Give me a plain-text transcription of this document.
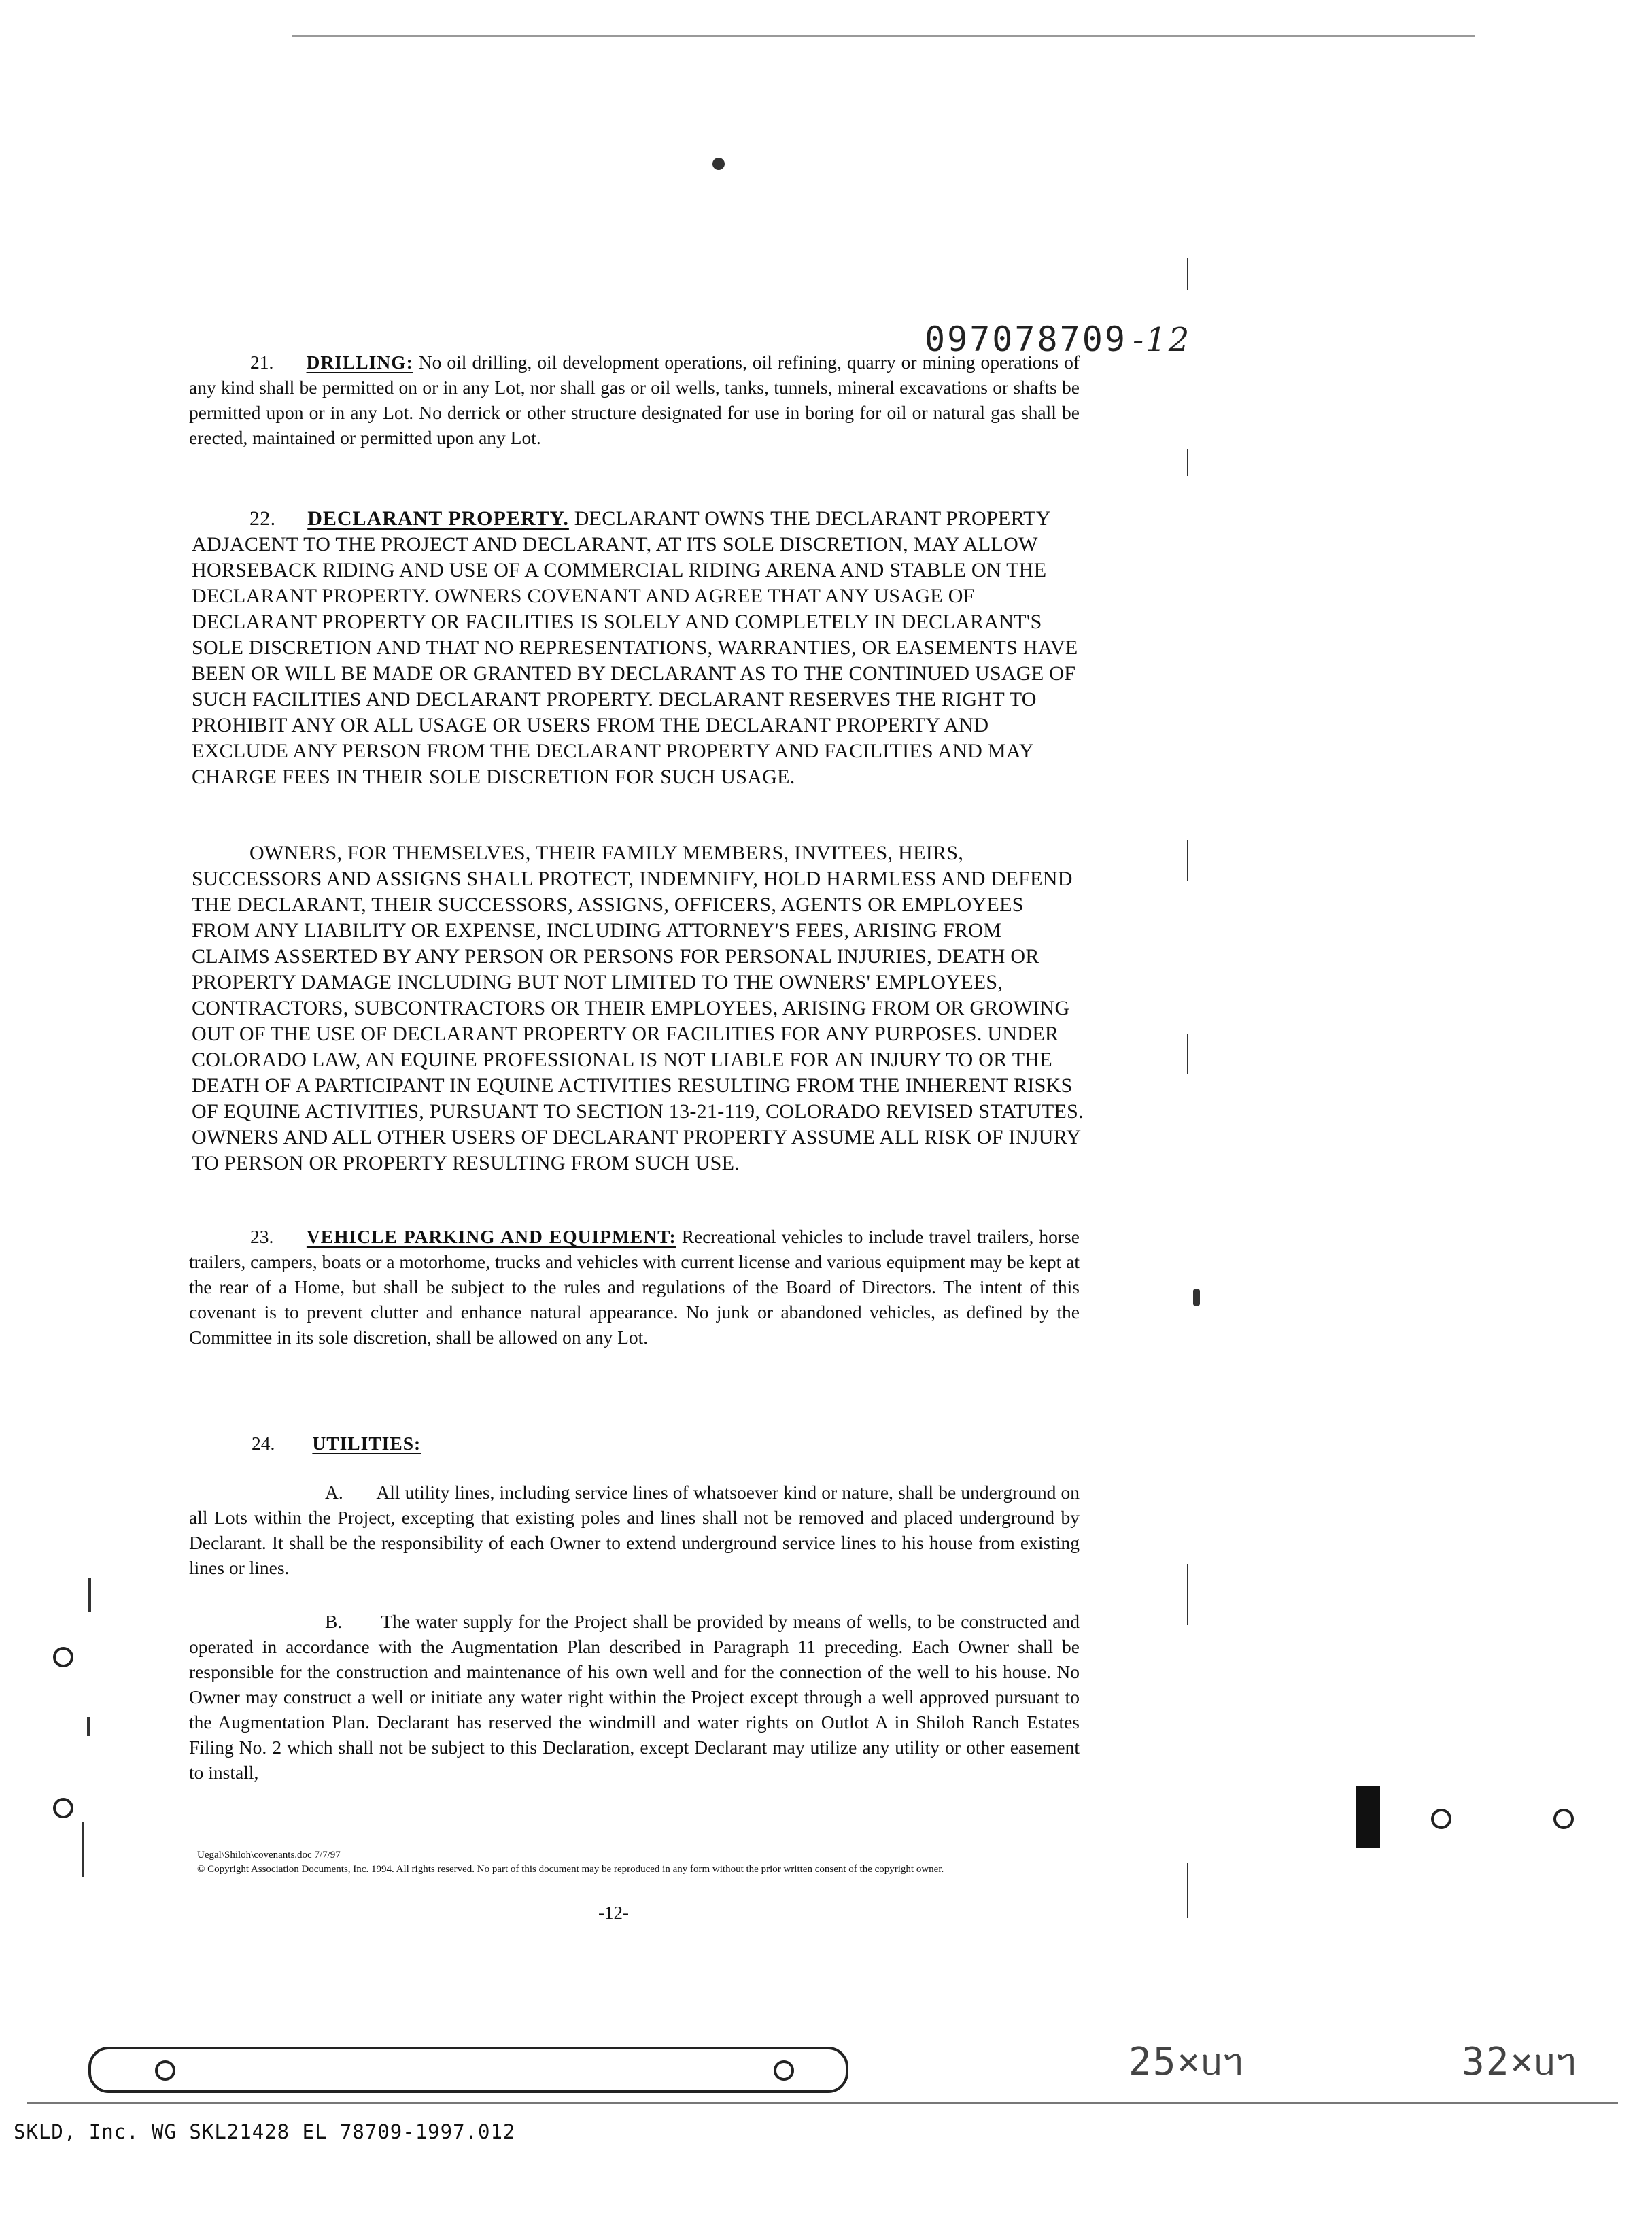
097078709 -12
21. DRILLING: No oil drilling, oil development operations, oil refining, quarry or mining operations of any kind shall be permitted on or in any Lot, nor shall gas or oil wells, tanks, tunnels, mineral excavations or shafts be permitted upon or in any Lot. No derrick or other structure designated for use in boring for oil or natural gas shall be erected, maintained or permitted upon any Lot.
22. DECLARANT PROPERTY. DECLARANT OWNS THE DECLARANT PROPERTY ADJACENT TO THE PROJECT AND DECLARANT, AT ITS SOLE DISCRETION, MAY ALLOW HORSEBACK RIDING AND USE OF A COMMERCIAL RIDING ARENA AND STABLE ON THE DECLARANT PROPERTY. OWNERS COVENANT AND AGREE THAT ANY USAGE OF DECLARANT PROPERTY OR FACILITIES IS SOLELY AND COMPLETELY IN DECLARANT'S SOLE DISCRETION AND THAT NO REPRESENTATIONS, WARRANTIES, OR EASEMENTS HAVE BEEN OR WILL BE MADE OR GRANTED BY DECLARANT AS TO THE CONTINUED USAGE OF SUCH FACILITIES AND DECLARANT PROPERTY. DECLARANT RESERVES THE RIGHT TO PROHIBIT ANY OR ALL USAGE OR USERS FROM THE DECLARANT PROPERTY AND EXCLUDE ANY PERSON FROM THE DECLARANT PROPERTY AND FACILITIES AND MAY CHARGE FEES IN THEIR SOLE DISCRETION FOR SUCH USAGE.
OWNERS, FOR THEMSELVES, THEIR FAMILY MEMBERS, INVITEES, HEIRS, SUCCESSORS AND ASSIGNS SHALL PROTECT, INDEMNIFY, HOLD HARMLESS AND DEFEND THE DECLARANT, THEIR SUCCESSORS, ASSIGNS, OFFICERS, AGENTS OR EMPLOYEES FROM ANY LIABILITY OR EXPENSE, INCLUDING ATTORNEY'S FEES, ARISING FROM CLAIMS ASSERTED BY ANY PERSON OR PERSONS FOR PERSONAL INJURIES, DEATH OR PROPERTY DAMAGE INCLUDING BUT NOT LIMITED TO THE OWNERS' EMPLOYEES, CONTRACTORS, SUBCONTRACTORS OR THEIR EMPLOYEES, ARISING FROM OR GROWING OUT OF THE USE OF DECLARANT PROPERTY OR FACILITIES FOR ANY PURPOSES. UNDER COLORADO LAW, AN EQUINE PROFESSIONAL IS NOT LIABLE FOR AN INJURY TO OR THE DEATH OF A PARTICIPANT IN EQUINE ACTIVITIES RESULTING FROM THE INHERENT RISKS OF EQUINE ACTIVITIES, PURSUANT TO SECTION 13-21-119, COLORADO REVISED STATUTES. OWNERS AND ALL OTHER USERS OF DECLARANT PROPERTY ASSUME ALL RISK OF INJURY TO PERSON OR PROPERTY RESULTING FROM SUCH USE.
23. VEHICLE PARKING AND EQUIPMENT: Recreational vehicles to include travel trailers, horse trailers, campers, boats or a motorhome, trucks and vehicles with current license and various equipment may be kept at the rear of a Home, but shall be subject to the rules and regulations of the Board of Directors. The intent of this covenant is to prevent clutter and enhance natural appearance. No junk or abandoned vehicles, as defined by the Committee in its sole discretion, shall be allowed on any Lot.
24. UTILITIES:
A. All utility lines, including service lines of whatsoever kind or nature, shall be underground on all Lots within the Project, excepting that existing poles and lines shall not be removed and placed underground by Declarant. It shall be the responsibility of each Owner to extend underground service lines to his house from existing lines or lines.
B. The water supply for the Project shall be provided by means of wells, to be constructed and operated in accordance with the Augmentation Plan described in Paragraph 11 preceding. Each Owner shall be responsible for the construction and maintenance of his own well and for the connection of the well to his house. No Owner may construct a well or initiate any water right within the Project except through a well approved pursuant to the Augmentation Plan. Declarant has reserved the windmill and water rights on Outlot A in Shiloh Ranch Estates Filing No. 2 which shall not be subject to this Declaration, except Declarant may utilize any utility or other easement to install,
Uegal\Shiloh\covenants.doc 7/7/97
© Copyright Association Documents, Inc. 1994. All rights reserved. No part of this document may be reproduced in any form without the prior written consent of the copyright owner.
-12-
25×ᥙᥐ	32×ᥙᥐ
SKLD, Inc. WG SKL21428 EL 78709-1997.012
